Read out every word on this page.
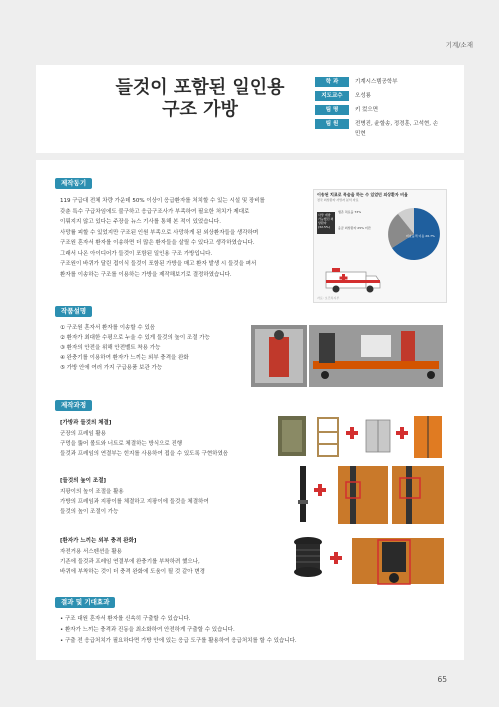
기계/소재
들것이 포함된 일인용
구조 가방
학 과	기계시스템공학부
지도교수	오성룡
팀 명	키 컸으면
팀 원	전병진, 윤할송, 정경훈, 고석현, 손민현
제작동기
119 구급대 전체 차량 가운데 50% 이상이 응급환자를 처치할 수 있는 시설 및 장비를
갖춘 특수 구급차임에도 불구하고 응급구조사가 부족하여 필요한 처치가 제대로
이뤄지지 않고 있다는 주장을 뉴스 기사를 통해 본 적이 있었습니다.
사망률 피할 수 있었지만 구조된 인원 부족으로 사망하게 된 외상환자들을 생각하며
구조원 혼자서 환자를 이송하면 더 많은 환자들을 살릴 수 있다고 생각하였습니다.
그래서 나온 아이디어가 들것이 포함된 일인용 구조 가방입니다.
구조원이 바퀴가 달린 접이식 들것이 포함된 가방을 매고 환자 발생 시 들것을 펴서
환자를 이송하는 구조를 이용하는 가방을 제작해보기로 결정하였습니다.
이송된 치료로 목숨을 하는 수 있었던 외상환자 비율
전국 외상환자 사망자 분석 자료
사망 예방 가능했던 외상환자 (32.5%)
생존 치료율 73%
응급 외상환자 25% 미만
비효율적 이송 26.7%
자료: 보건복지부
작품설명
① 구조원 혼자서 환자를 이송할 수 있음
② 환자가 최대한 수평으로 누울 수 있게 들것의 높이 조절 가능
③ 환자의 안전을 위해 안전벨트 착용 가능
④ 완충기를 이용하여 환자가 느끼는 외부 충격을 완화
⑤ 가방 안에 여러 가지 구급용품 보관 가능
제작과정
[가방과 들것의 체결]
군장의 프레임 활용
구멍을 뚫어 볼트와 너트로 체결하는 방식으로 진행
들것과 프레임의 연결부는 힌지를 사용하여 접을 수 있도록 구현하였음
[들것의 높이 조절]
지팡이의 높이 조절을 활용
가방의 프레임과 지팡이를 체결하고 지팡이에 들것을 체결하여
들것의 높이 조절이 가능
[환자가 느끼는 외부 충격 완화]
자전거용 서스펜션을 활용
기존에 들것과 프레임 연결부에 완충기를 부착하려 했으나,
바퀴에 부착하는 것이 더 충격 완화에 도움이 될 것 같아 변경
결과 및 기대효과
• 구조 대원 혼자서 환자를 신속히 구출할 수 있습니다.
• 환자가 느끼는 충격과 진동을 최소화하여 안전하게 구출할 수 있습니다.
• 구출 전 응급처치가 필요하다면 가방 안에 있는 응급 도구를 활용하여 응급처치를 할 수 있습니다.
65
